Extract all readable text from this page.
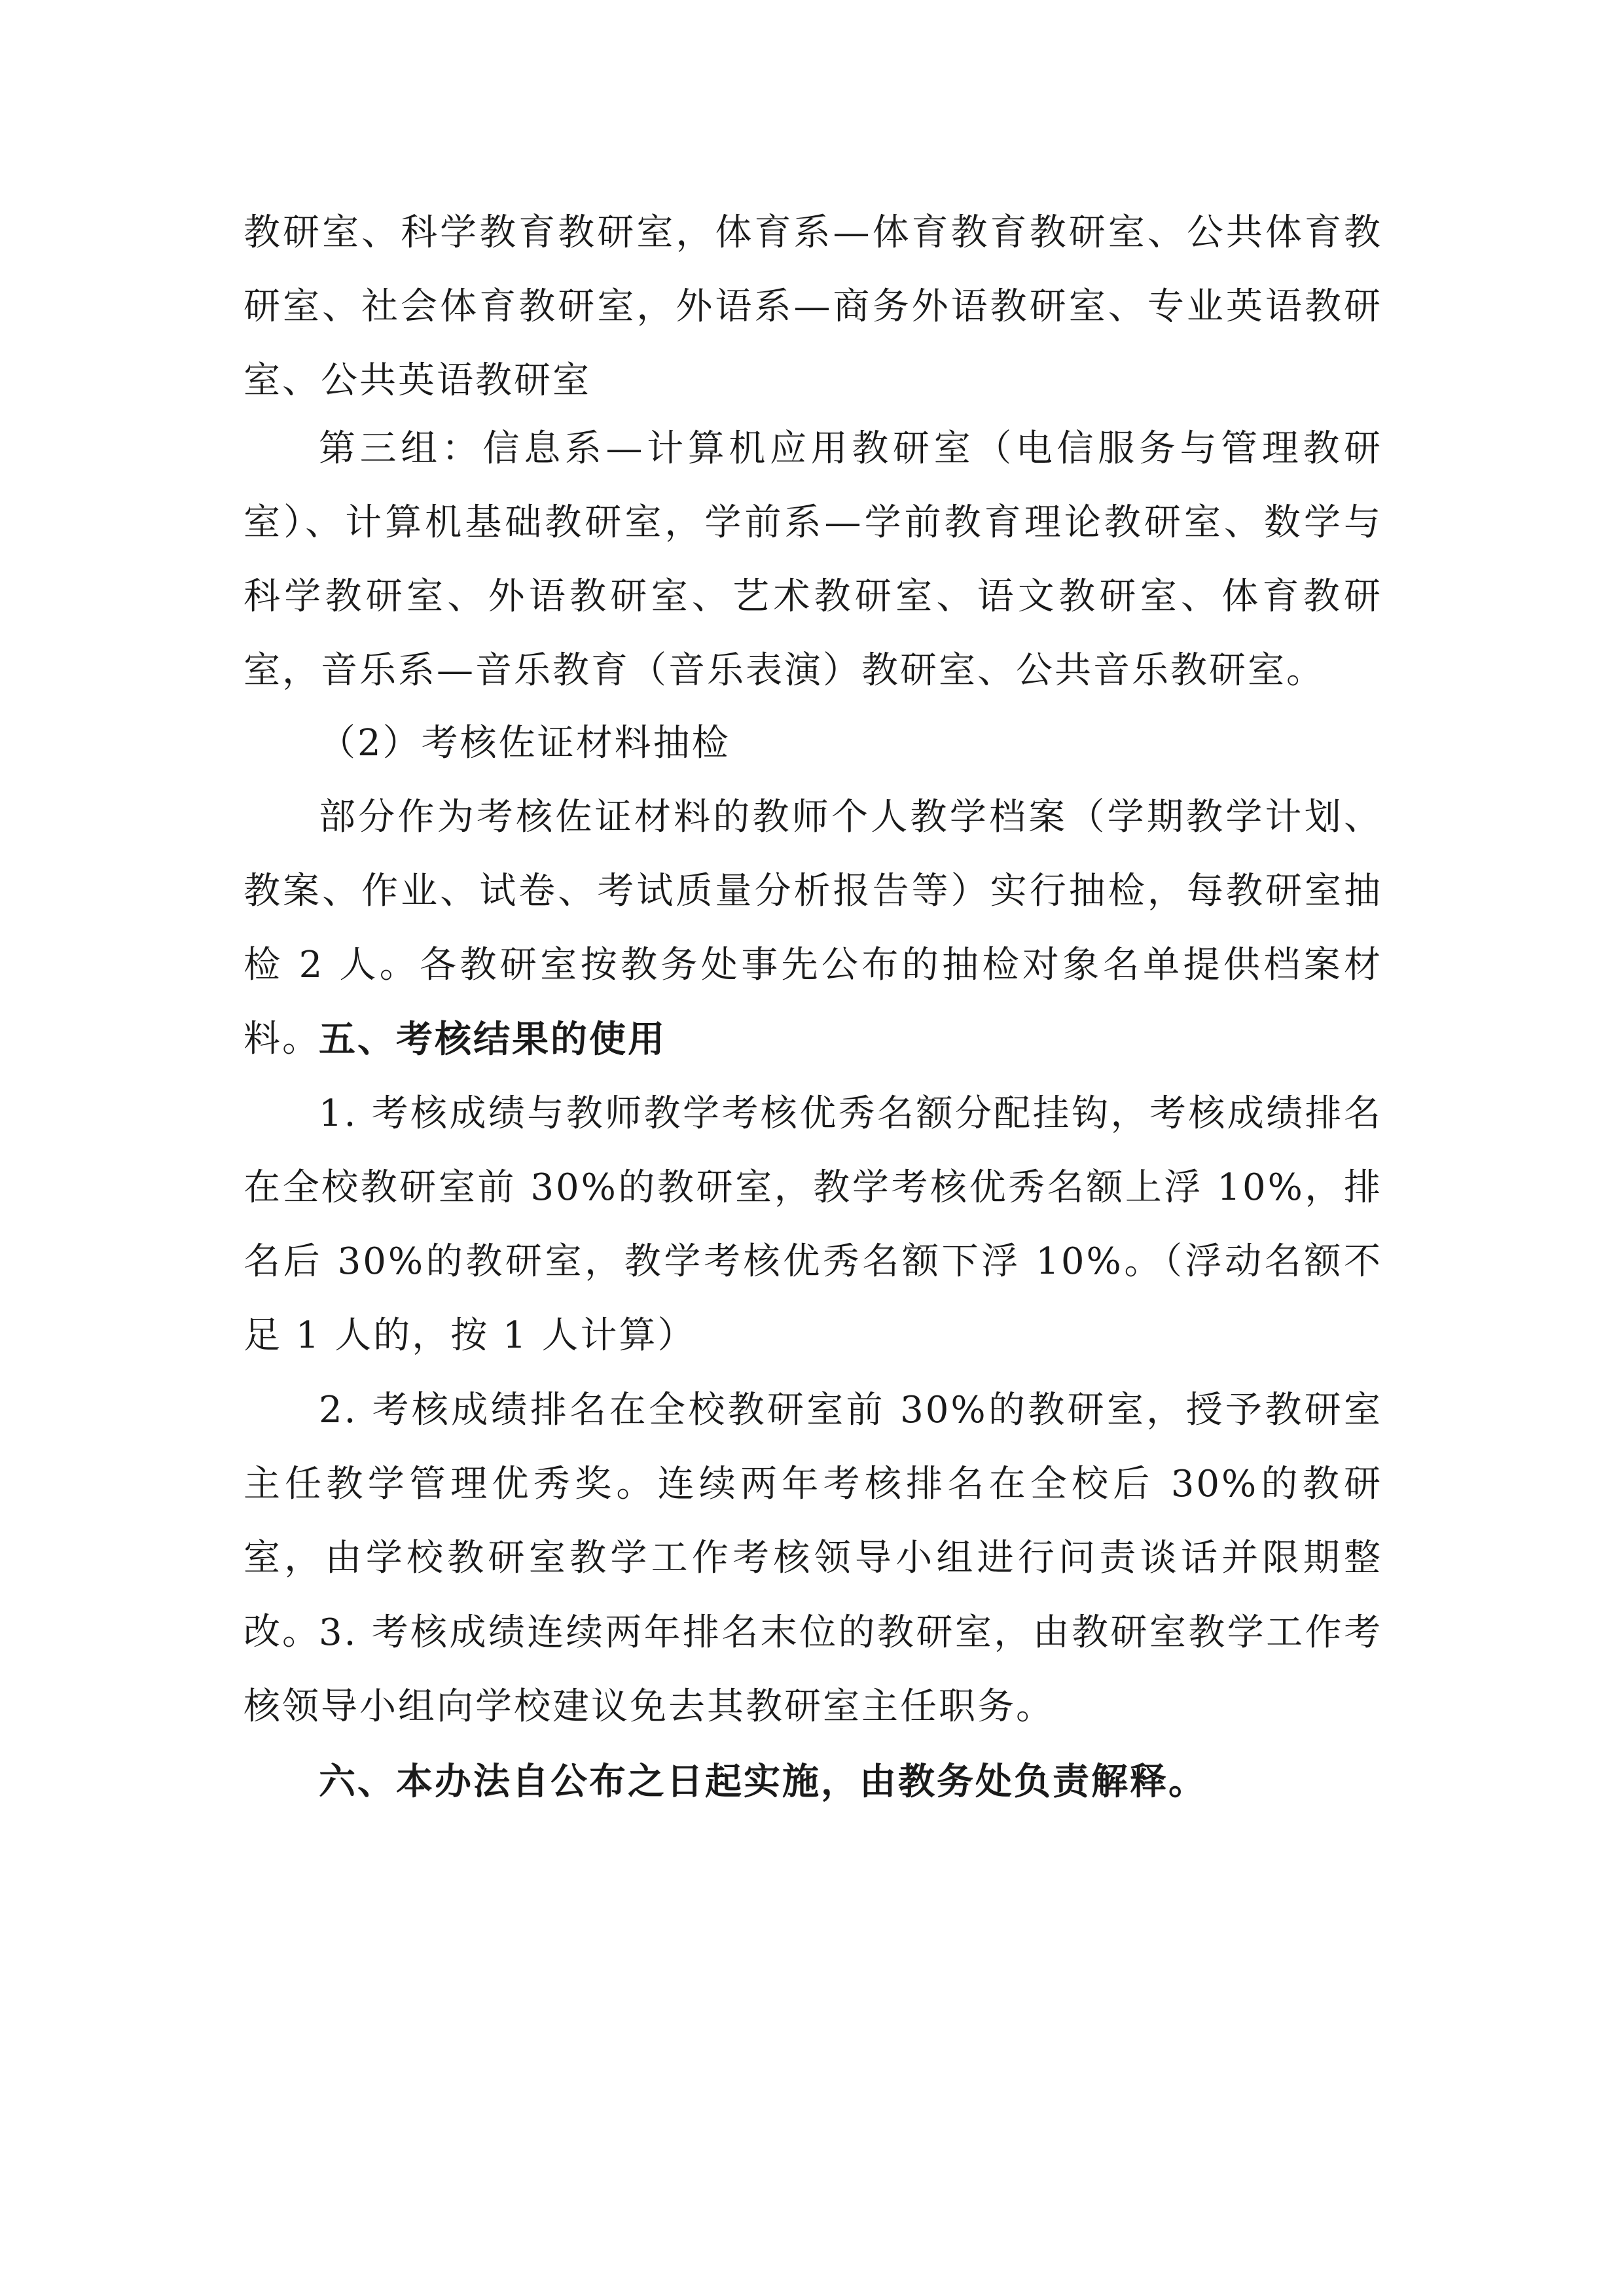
教研室、科学教育教研室，体育系—体育教育教研室、公共体育教研室、社会体育教研室，外语系—商务外语教研室、专业英语教研室、公共英语教研室

第三组：信息系—计算机应用教研室（电信服务与管理教研室）、计算机基础教研室，学前系—学前教育理论教研室、数学与科学教研室、外语教研室、艺术教研室、语文教研室、体育教研室，音乐系—音乐教育（音乐表演）教研室、公共音乐教研室。

（2）考核佐证材料抽检

部分作为考核佐证材料的教师个人教学档案（学期教学计划、教案、作业、试卷、考试质量分析报告等）实行抽检，每教研室抽检 2 人。各教研室按教务处事先公布的抽检对象名单提供档案材料。

五、考核结果的使用

1. 考核成绩与教师教学考核优秀名额分配挂钩，考核成绩排名在全校教研室前 30%的教研室，教学考核优秀名额上浮 10%，排名后 30%的教研室，教学考核优秀名额下浮 10%。（浮动名额不足 1 人的，按 1 人计算）

2. 考核成绩排名在全校教研室前 30%的教研室，授予教研室主任教学管理优秀奖。连续两年考核排名在全校后 30%的教研室，由学校教研室教学工作考核领导小组进行问责谈话并限期整改。

3. 考核成绩连续两年排名末位的教研室，由教研室教学工作考核领导小组向学校建议免去其教研室主任职务。

六、本办法自公布之日起实施，由教务处负责解释。
